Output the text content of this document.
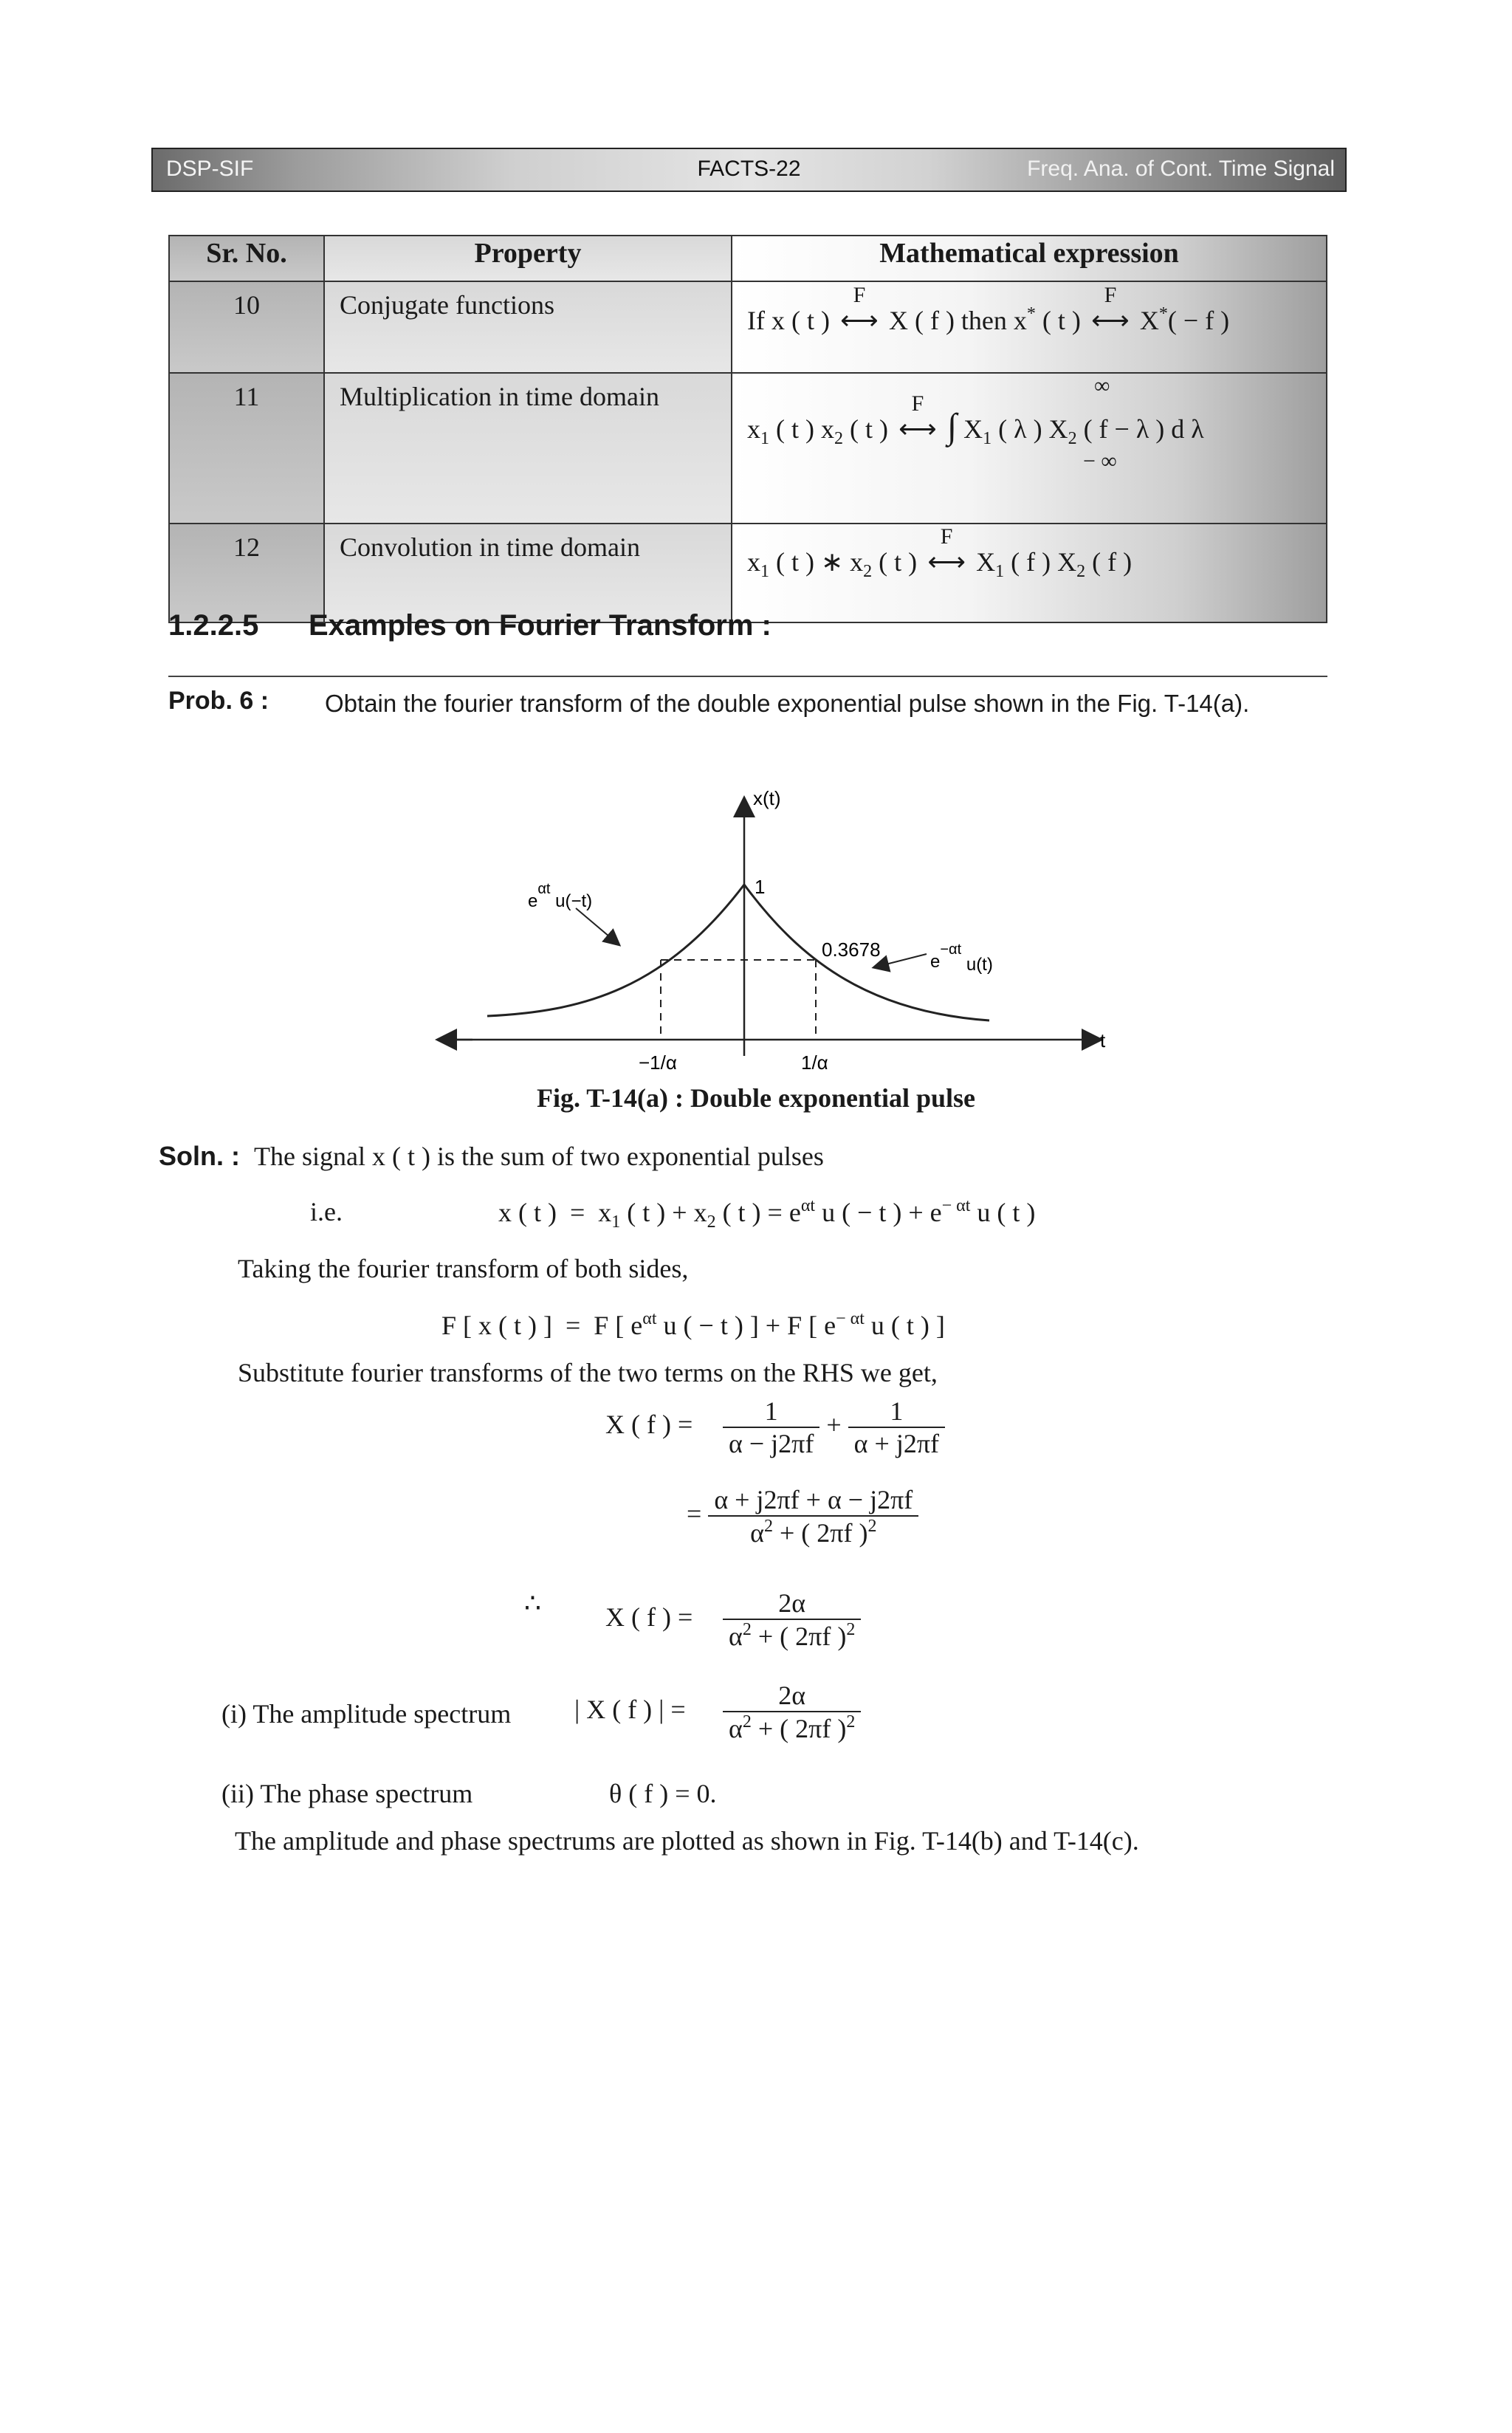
DSP-SIF	FACTS-22	Freq. Ana. of Cont. Time Signal
Sr. No.	Property	Mathematical expression
10	Conjugate functions	If x ( t )
F
⟷ X ( f ) then x* ( t )
F
⟷ X*( − f )
11	Multiplication in time domain	∞
$x_1$ ( t ) $x_2$ ( t )
F
⟷ ∫ $X_1$ ( λ ) $X_2$ ( f − λ ) d λ
− ∞

12	Convolution in time domain	$x_1$ ( t ) ∗ $x_2$ ( t )
F
⟷ $X_1$ ( f ) $X_2$ ( f )
1.2.2.5 Examples on Fourier Transform :
Prob. 6 : Obtain the fourier transform of the double exponential pulse shown in the Fig. T-14(a).
x(t)
t
1
0.3678
$e^{\alpha t}$ u(−t)
$e^{-\alpha t}$ u(t)
−1/α	1/α
Fig. T-14(a) : Double exponential pulse
Soln. : The signal x ( t ) is the sum of two exponential pulses
i.e.	x ( t )  =  $x_1$ ( t ) + $x_2$ ( t ) = $e^{\alpha t}$ u ( − t ) + $e^{- \alpha t}$ u ( t )
Taking the fourier transform of both sides,
F [ x ( t ) ]  =  F [ $e^{\alpha t}$ u ( − t ) ] + F [ $e^{- \alpha t}$ u ( t ) ]
Substitute fourier transforms of the two terms on the RHS we get,
X ( f ) = $\frac{1}{\alpha - j2\pi f} + \frac{1}{\alpha + j2\pi f}$
= $\frac{\alpha + j2\pi f + \alpha - j2\pi f}{\alpha^2 + ( 2\pi f )^2}$
∴ X ( f ) = $\frac{2\alpha}{\alpha^2 + ( 2\pi f )^2}$
(i) The amplitude spectrum | X ( f ) | = $\frac{2\alpha}{\alpha^2 + ( 2\pi f )^2}$
(ii) The phase spectrum	θ ( f ) = 0.
The amplitude and phase spectrums are plotted as shown in Fig. T-14(b) and T-14(c).
